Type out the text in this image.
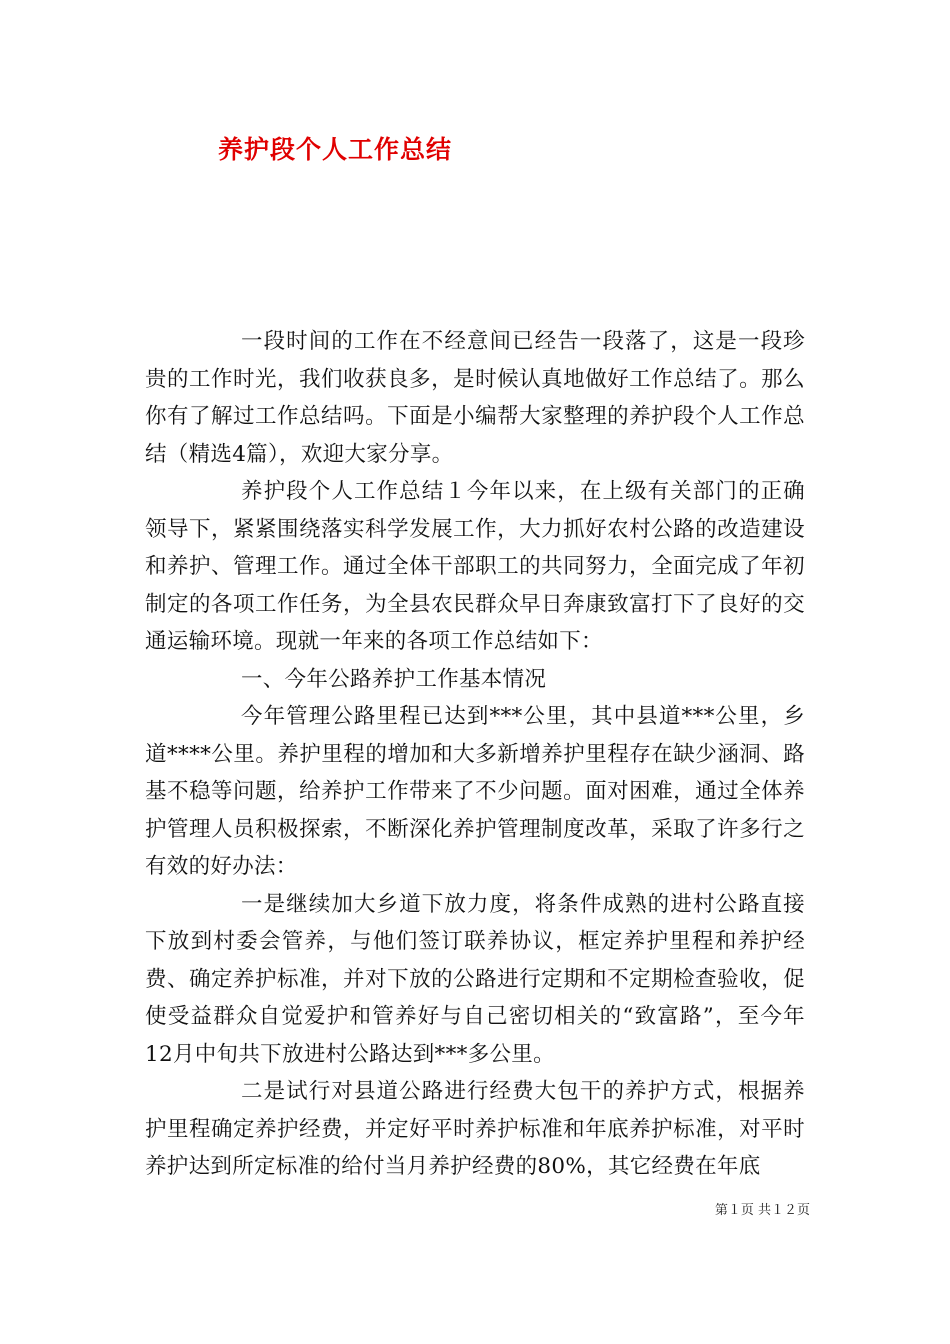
养护段个人工作总结

一段时间的工作在不经意间已经告一段落了，这是一段珍贵的工作时光，我们收获良多，是时候认真地做好工作总结了。那么你有了解过工作总结吗。下面是小编帮大家整理的养护段个人工作总结（精选4篇），欢迎大家分享。

养护段个人工作总结１今年以来，在上级有关部门的正确领导下，紧紧围绕落实科学发展工作，大力抓好农村公路的改造建设和养护、管理工作。通过全体干部职工的共同努力，全面完成了年初制定的各项工作任务，为全县农民群众早日奔康致富打下了良好的交通运输环境。现就一年来的各项工作总结如下：

一、今年公路养护工作基本情况

今年管理公路里程已达到***公里，其中县道***公里，乡道****公里。养护里程的增加和大多新增养护里程存在缺少涵洞、路基不稳等问题，给养护工作带来了不少问题。面对困难，通过全体养护管理人员积极探索，不断深化养护管理制度改革，采取了许多行之有效的好办法：

一是继续加大乡道下放力度，将条件成熟的进村公路直接下放到村委会管养，与他们签订联养协议，框定养护里程和养护经费、确定养护标准，并对下放的公路进行定期和不定期检查验收，促使受益群众自觉爱护和管养好与自己密切相关的“致富路”，至今年12月中旬共下放进村公路达到***多公里。

二是试行对县道公路进行经费大包干的养护方式，根据养护里程确定养护经费，并定好平时养护标准和年底养护标准，对平时养护达到所定标准的给付当月养护经费的80%，其它经费在年底

第１页 共１２页
